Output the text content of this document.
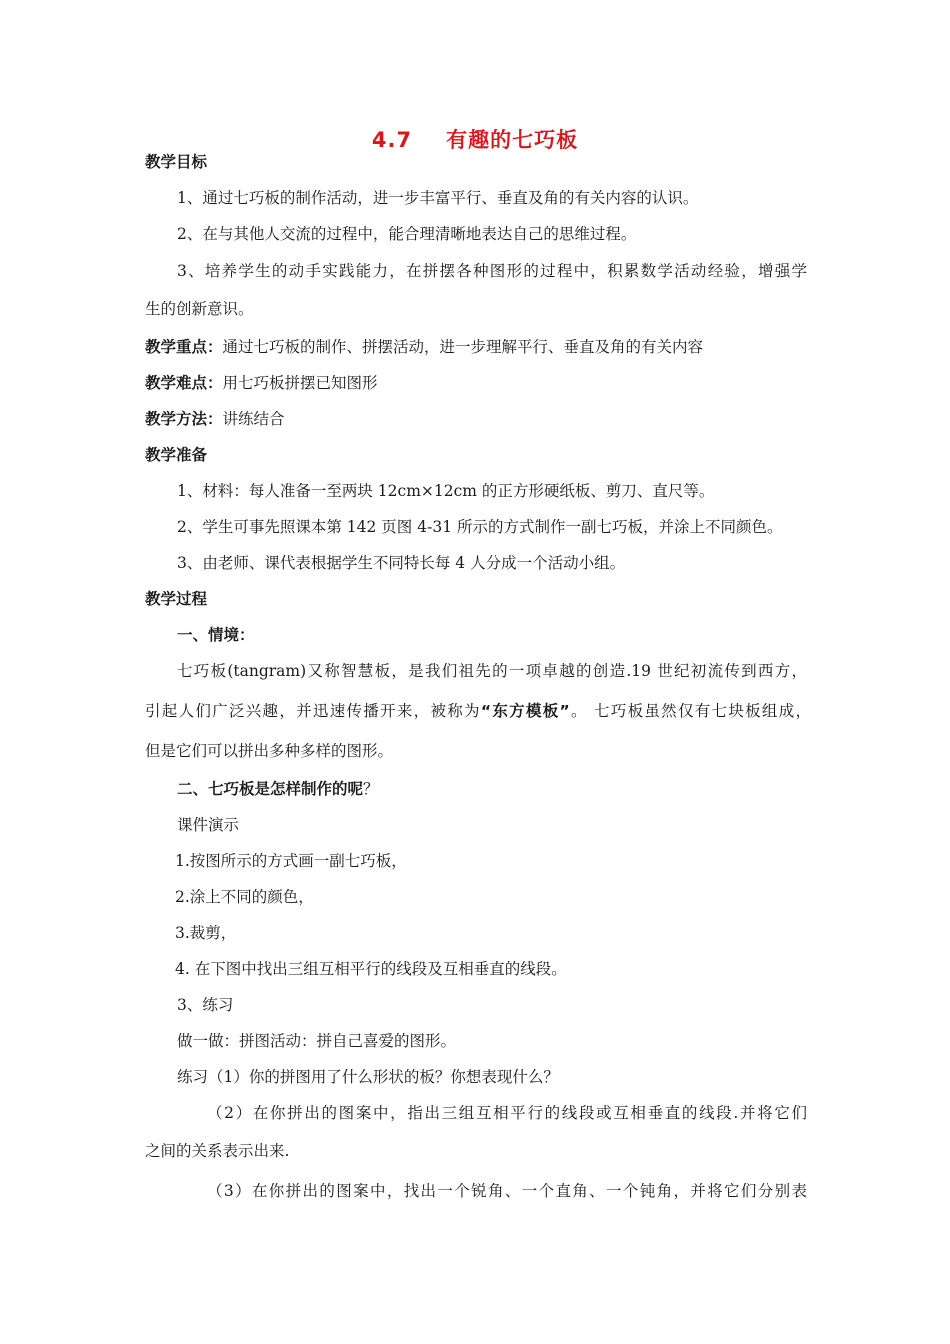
4.7 有趣的七巧板
教学目标
1、通过七巧板的制作活动，进一步丰富平行、垂直及角的有关内容的认识。
2、在与其他人交流的过程中，能合理清晰地表达自己的思维过程。
3、培养学生的动手实践能力，在拼摆各种图形的过程中，积累数学活动经验，增强学
生的创新意识。
教学重点：通过七巧板的制作、拼摆活动，进一步理解平行、垂直及角的有关内容
教学难点：用七巧板拼摆已知图形
教学方法：讲练结合
教学准备
1、材料：每人准备一至两块 12cm×12cm 的正方形硬纸板、剪刀、直尺等。
2、学生可事先照课本第 142 页图 4-31 所示的方式制作一副七巧板，并涂上不同颜色。
3、由老师、课代表根据学生不同特长每 4 人分成一个活动小组。
教学过程
一、情境：
七巧板(tangram)又称智慧板，是我们祖先的一项卓越的创造.19 世纪初流传到西方，
引起人们广泛兴趣，并迅速传播开来，被称为“东方模板”。 七巧板虽然仅有七块板组成，
但是它们可以拼出多种多样的图形。
二、七巧板是怎样制作的呢？
课件演示
1.按图所示的方式画一副七巧板，
2.涂上不同的颜色，
3.裁剪，
4. 在下图中找出三组互相平行的线段及互相垂直的线段。
3、练习
做一做：拼图活动：拼自己喜爱的图形。
练习（1）你的拼图用了什么形状的板？你想表现什么？
（2）在你拼出的图案中，指出三组互相平行的线段或互相垂直的线段.并将它们
之间的关系表示出来.
（3）在你拼出的图案中，找出一个锐角、一个直角、一个钝角，并将它们分别表
